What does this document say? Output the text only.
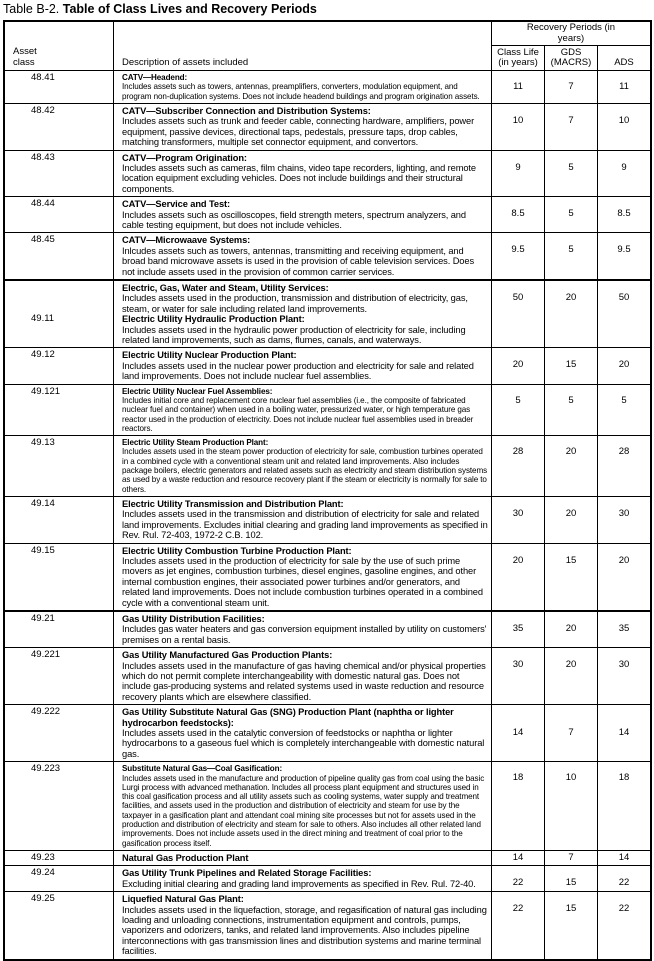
Table B-2. Table of Class Lives and Recovery Periods

Asset class	Description of assets included
Recovery Periods (in years)
Class Life (in years)
GDS (MACRS)	ADS
48.41	CATV—Headend:
Includes assets such as towers, antennas, preamplifiers, converters, modulation equipment, and program non-duplication systems. Does not include headend buildings and program origination assets.
11	7	11
48.42	CATV—Subscriber Connection and Distribution Systems:
Includes assets such as trunk and feeder cable, connecting hardware, amplifiers, power equipment, passive devices, directional taps, pedestals, pressure taps, drop cables, matching transformers, multiple set connector equipment, and convertors.
10	7	10
48.43	CATV—Program Origination:
Includes assets such as cameras, film chains, video tape recorders, lighting, and remote location equipment excluding vehicles. Does not include buildings and their structural components.
9	5	9
48.44	CATV—Service and Test:
Includes assets such as oscilloscopes, field strength meters, spectrum analyzers, and cable testing equipment, but does not include vehicles.
8.5	5	8.5
48.45	CATV—Microwaave Systems:
Inlcudes assets such as towers, antennas, transmitting and receiving equipment, and broad band microwave assets is used in the provision of cable television services. Does not include assets used in the provision of common carrier services.
9.5	5	9.5
49.11
Electric, Gas, Water and Steam, Utility Services:
Includes assets used in the production, transmission and distribution of electricity, gas, steam, or water for sale including related land improvements.
Electric Utility Hydraulic Production Plant:
Includes assets used in the hydraulic power production of electricity for sale, including related land improvements, such as dams, flumes, canals, and waterways.
50	20	50
49.12	Electric Utility Nuclear Production Plant:
Includes assets used in the nuclear power production and electricity for sale and related land improvements. Does not include nuclear fuel assemblies.
20	15	20
49.121	Electric Utility Nuclear Fuel Assemblies:
Includes initial core and replacement core nuclear fuel assemblies (i.e., the composite of fabricated nuclear fuel and container) when used in a boiling water, pressurized water, or high temperature gas reactor used in the production of electricity. Does not include nuclear fuel assemblies used in breader reactors.
5	5	5
49.13	Electric Utility Steam Production Plant:
Includes assets used in the steam power production of electricity for sale, combustion turbines operated in a combined cycle with a conventional steam unit and related land improvements. Also includes package boilers, electric generators and related assets such as electricity and steam distribution systems as used by a waste reduction and resource recovery plant if the steam or electricity is normally for sale to others.
28	20	28
49.14	Electric Utility Transmission and Distribution Plant:
Includes assets used in the transmission and distribution of electricity for sale and related land improvements. Excludes initial clearing and grading land improvements as specified in Rev. Rul. 72-403, 1972-2 C.B. 102.
30	20	30
49.15	Electric Utility Combustion Turbine Production Plant:
Includes assets used in the production of electricity for sale by the use of such prime movers as jet engines, combustion turbines, diesel engines, gasoline engines, and other internal combustion engines, their associated power turbines and/or generators, and related land improvements. Does not include combustion turbines operated in a combined cycle with a conventional steam unit.
20	15	20
49.21	Gas Utility Distribution Facilities:
Includes gas water heaters and gas conversion equipment installed by utility on customers' premises on a rental basis.
35	20	35
49.221	Gas Utility Manufactured Gas Production Plants:
Includes assets used in the manufacture of gas having chemical and/or physical properties which do not permit complete interchangeability with domestic natural gas. Does not include gas-producing systems and related systems used in waste reduction and resource recovery plants which are elsewhere classified.
30	20	30
49.222	Gas Utility Substitute Natural Gas (SNG) Production Plant (naphtha or lighter hydrocarbon feedstocks):
Includes assets used in the catalytic conversion of feedstocks or naphtha or lighter hydrocarbons to a gaseous fuel which is completely interchangeable with domestic natural gas.
14	7	14
49.223	Substitute Natural Gas—Coal Gasification:
Includes assets used in the manufacture and production of pipeline quality gas from coal using the basic Lurgi process with advanced methanation. Includes all process plant equipment and structures used in this coal gasification process and all utility assets such as cooling systems, water supply and treatment facilities, and assets used in the production and distribution of electricity and steam for use by the taxpayer in a gasification plant and attendant coal mining site processes but not for assets used in the production and distribution of electricity and steam for sale to others. Also includes all other related land improvements. Does not include assets used in the direct mining and treatment of coal prior to the gasification process itself.
18	10	18
49.23	Natural Gas Production Plant	14	7	14
49.24	Gas Utility Trunk Pipelines and Related Storage Facilities:
Excluding initial clearing and grading land improvements as specified in Rev. Rul. 72-40.	22	15	22
49.25	Liquefied Natural Gas Plant:
Includes assets used in the liquefaction, storage, and regasification of natural gas including loading and unloading connections, instrumentation equipment and controls, pumps, vaporizers and odorizers, tanks, and related land improvements. Also includes pipeline interconnections with gas transmission lines and distribution systems and marine terminal facilities.
22	15	22
